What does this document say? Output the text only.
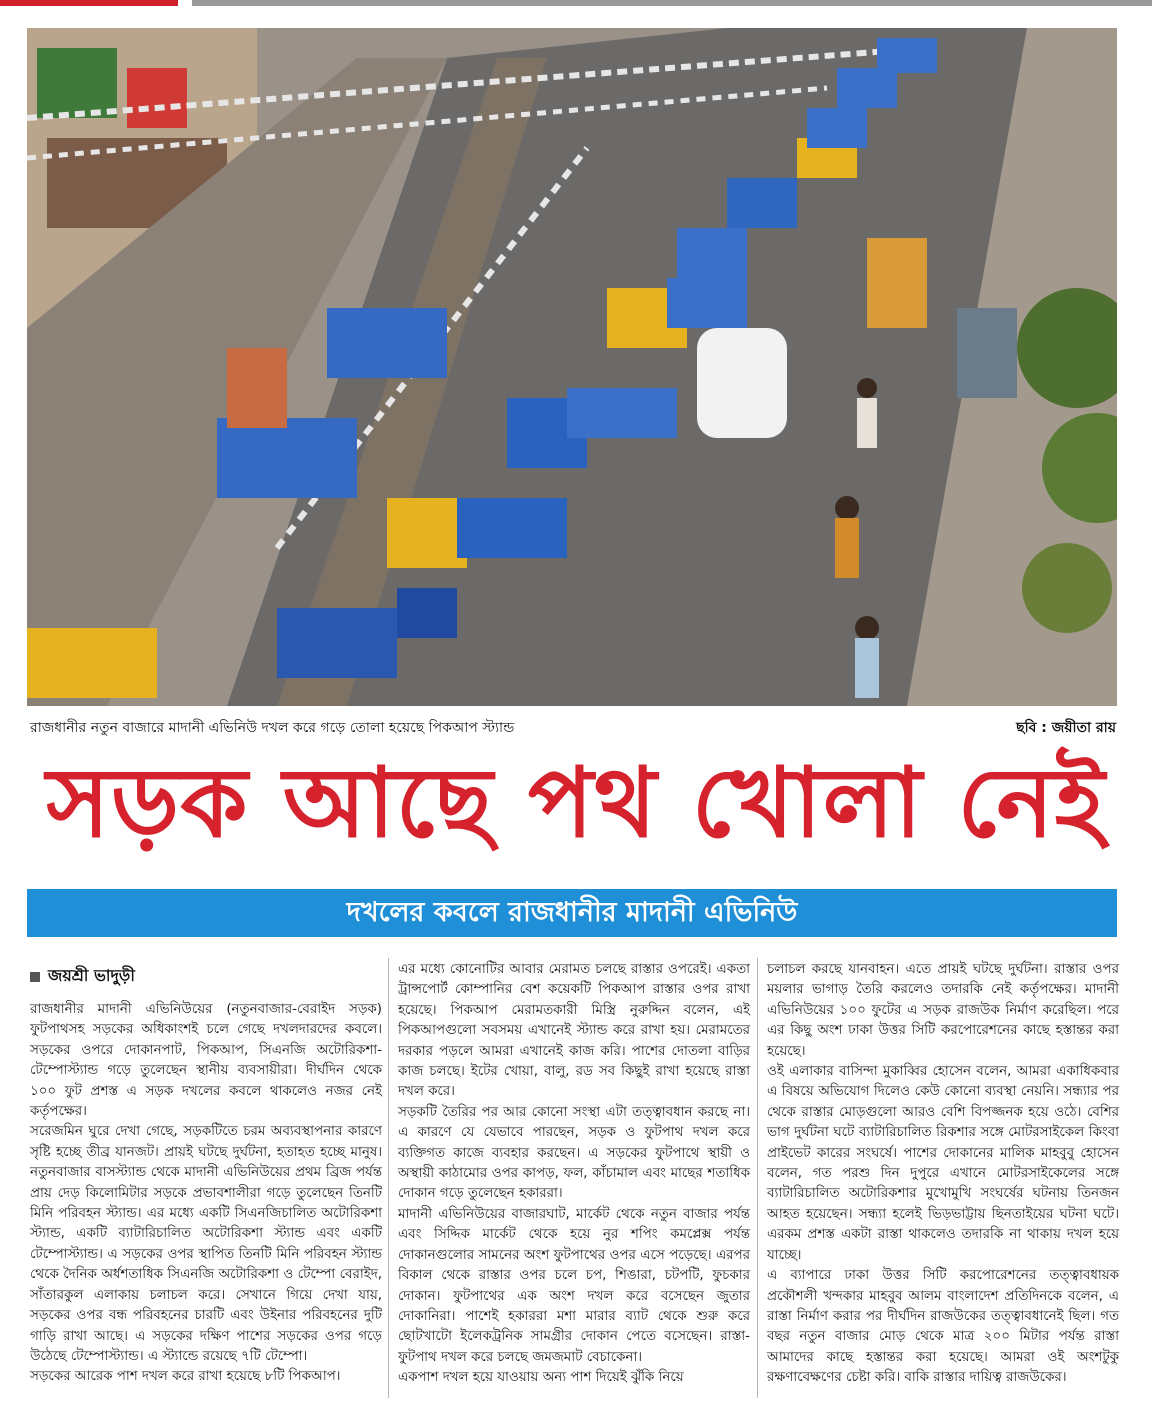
রাজধানীর নতুন বাজারে মাদানী এভিনিউ দখল করে গড়ে তোলা হয়েছে পিকআপ স্ট্যান্ড	ছবি : জয়ীতা রায়
সড়ক আছে পথ খোলা নেই
দখলের কবলে রাজধানীর মাদানী এভিনিউ
জয়শ্রী ভাদুড়ী

রাজধানীর মাদানী এভিনিউয়ের (নতুনবাজার-বেরাইদ সড়ক) ফুটপাথসহ সড়কের অধিকাংশই চলে গেছে দখলদারদের কবলে। সড়কের ওপরে দোকানপাট, পিকআপ, সিএনজি অটোরিকশা-টেম্পোস্ট্যান্ড গড়ে তুলেছেন স্থানীয় ব্যবসায়ীরা। দীর্ঘদিন থেকে ১০০ ফুট প্রশস্ত এ সড়ক দখলের কবলে থাকলেও নজর নেই কর্তৃপক্ষের।

সরেজমিন ঘুরে দেখা গেছে, সড়কটিতে চরম অব্যবস্থাপনার কারণে সৃষ্টি হচ্ছে তীব্র যানজট। প্রায়ই ঘটছে দুর্ঘটনা, হতাহত হচ্ছে মানুষ। নতুনবাজার বাসস্ট্যান্ড থেকে মাদানী এভিনিউয়ের প্রথম ব্রিজ পর্যন্ত প্রায় দেড় কিলোমিটার সড়কে প্রভাবশালীরা গড়ে তুলেছেন তিনটি মিনি পরিবহন স্ট্যান্ড। এর মধ্যে একটি সিএনজিচালিত অটোরিকশা স্ট্যান্ড, একটি ব্যাটারিচালিত অটোরিকশা স্ট্যান্ড এবং একটি টেম্পোস্ট্যান্ড। এ সড়কের ওপর স্থাপিত তিনটি মিনি পরিবহন স্ট্যান্ড থেকে দৈনিক অর্ধশতাধিক সিএনজি অটোরিকশা ও টেম্পো বেরাইদ, সাঁতারকুল এলাকায় চলাচল করে। সেখানে গিয়ে দেখা যায়, সড়কের ওপর বন্ধ পরিবহনের চারটি এবং উইনার পরিবহনের দুটি গাড়ি রাখা আছে। এ সড়কের দক্ষিণ পাশের সড়কের ওপর গড়ে উঠেছে টেম্পোস্ট্যান্ড। এ স্ট্যান্ডে রয়েছে ৭টি টেম্পো।

সড়কের আরেক পাশ দখল করে রাখা হয়েছে ৮টি পিকআপ।

এর মধ্যে কোনোটির আবার মেরামত চলছে রাস্তার ওপরেই। একতা ট্রান্সপোর্ট কোম্পানির বেশ কয়েকটি পিকআপ রাস্তার ওপর রাখা হয়েছে। পিকআপ মেরামতকারী মিস্ত্রি নুরুদ্দিন বলেন, এই পিকআপগুলো সবসময় এখানেই স্ট্যান্ড করে রাখা হয়। মেরামতের দরকার পড়লে আমরা এখানেই কাজ করি। পাশের দোতলা বাড়ির কাজ চলছে। ইটের খোয়া, বালু, রড সব কিছুই রাখা হয়েছে রাস্তা দখল করে।

সড়কটি তৈরির পর আর কোনো সংস্থা এটা তত্ত্বাবধান করছে না। এ কারণে যে যেভাবে পারছেন, সড়ক ও ফুটপাথ দখল করে ব্যক্তিগত কাজে ব্যবহার করছেন। এ সড়কের ফুটপাথে স্থায়ী ও অস্থায়ী কাঠামোর ওপর কাপড়, ফল, কাঁচামাল এবং মাছের শতাধিক দোকান গড়ে তুলেছেন হকাররা।

মাদানী এভিনিউয়ের বাজারঘাট, মার্কেট থেকে নতুন বাজার পর্যন্ত এবং সিদ্দিক মার্কেট থেকে হয়ে নুর শপিং কমপ্লেক্স পর্যন্ত দোকানগুলোর সামনের অংশ ফুটপাথের ওপর এসে পড়েছে। এরপর বিকাল থেকে রাস্তার ওপর চলে চপ, শিঙারা, চটপটি, ফুচকার দোকান। ফুটপাথের এক অংশ দখল করে বসেছেন জুতার দোকানিরা। পাশেই হকাররা মশা মারার ব্যাট থেকে শুরু করে ছোটখাটো ইলেকট্রনিক সামগ্রীর দোকান পেতে বসেছেন। রাস্তা-ফুটপাথ দখল করে চলছে জমজমাট বেচাকেনা।

একপাশ দখল হয়ে যাওয়ায় অন্য পাশ দিয়েই ঝুঁকি নিয়ে

চলাচল করছে যানবাহন। এতে প্রায়ই ঘটছে দুর্ঘটনা। রাস্তার ওপর ময়লার ভাগাড় তৈরি করলেও তদারকি নেই কর্তৃপক্ষের। মাদানী এভিনিউয়ের ১০০ ফুটের এ সড়ক রাজউক নির্মাণ করেছিল। পরে এর কিছু অংশ ঢাকা উত্তর সিটি করপোরেশনের কাছে হস্তান্তর করা হয়েছে।

ওই এলাকার বাসিন্দা মুকাব্বির হোসেন বলেন, আমরা একাধিকবার এ বিষয়ে অভিযোগ দিলেও কেউ কোনো ব্যবস্থা নেয়নি। সন্ধ্যার পর থেকে রাস্তার মোড়গুলো আরও বেশি বিপজ্জনক হয়ে ওঠে। বেশির ভাগ দুর্ঘটনা ঘটে ব্যাটারিচালিত রিকশার সঙ্গে মোটরসাইকেল কিংবা প্রাইভেট কারের সংঘর্ষে। পাশের দোকানের মালিক মাহবুবু হোসেন বলেন, গত পরশু দিন দুপুরে এখানে মোটরসাইকেলের সঙ্গে ব্যাটারিচালিত অটোরিকশার মুখোমুখি সংঘর্ষের ঘটনায় তিনজন আহত হয়েছেন। সন্ধ্যা হলেই ভিড়ভাট্টায় ছিনতাইয়ের ঘটনা ঘটে। এরকম প্রশস্ত একটা রাস্তা থাকলেও তদারকি না থাকায় দখল হয়ে যাচ্ছে।

এ ব্যাপারে ঢাকা উত্তর সিটি করপোরেশনের তত্ত্বাবধায়ক প্রকৌশলী খন্দকার মাহবুব আলম বাংলাদেশ প্রতিদিনকে বলেন, এ রাস্তা নির্মাণ করার পর দীর্ঘদিন রাজউকের তত্ত্বাবধানেই ছিল। গত বছর নতুন বাজার মোড় থেকে মাত্র ২০০ মিটার পর্যন্ত রাস্তা আমাদের কাছে হস্তান্তর করা হয়েছে। আমরা ওই অংশটুকু রক্ষণাবেক্ষণের চেষ্টা করি। বাকি রাস্তার দায়িত্ব রাজউকের।
